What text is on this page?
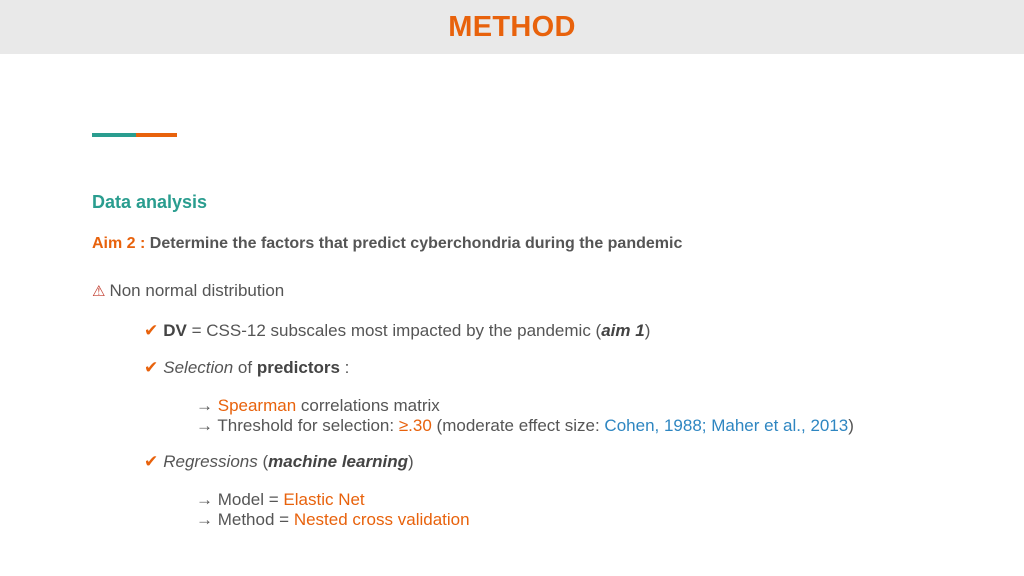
METHOD
Data analysis
Aim 2 : Determine the factors that predict cyberchondria during the pandemic
⚠ Non normal distribution
✔ DV = CSS-12 subscales most impacted by the pandemic (aim 1)
✔ Selection of predictors :
→ Spearman correlations matrix
→ Threshold for selection: ≥.30 (moderate effect size: Cohen, 1988; Maher et al., 2013)
✔ Regressions (machine learning)
→ Model = Elastic Net
→ Method = Nested cross validation
